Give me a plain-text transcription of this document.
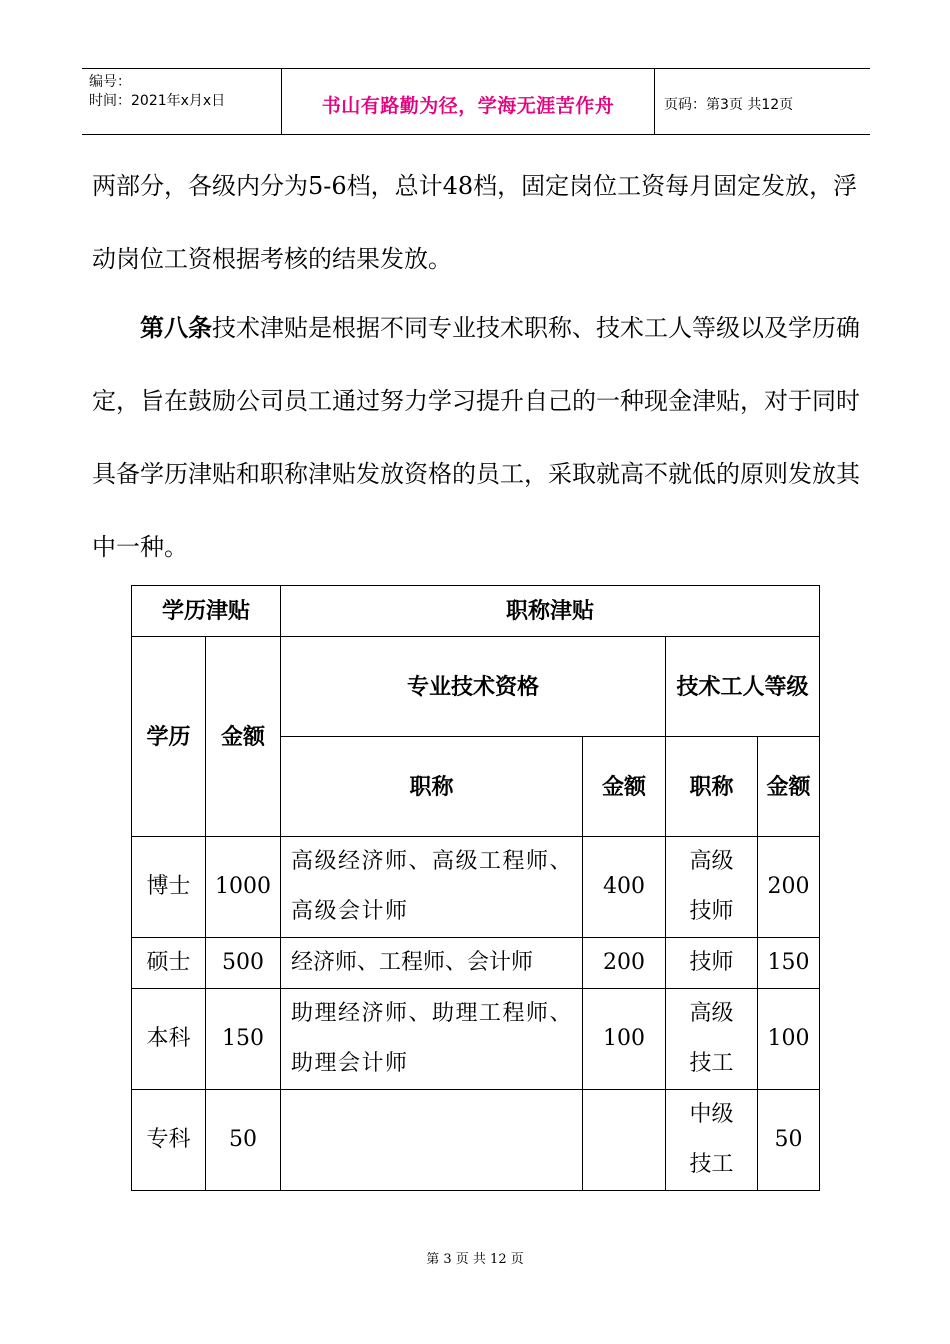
编号：
时间：2021年x月x日	书山有路勤为径，学海无涯苦作舟	页码：第3页 共12页

两部分，各级内分为5-6档，总计48档，固定岗位工资每月固定发放，浮动岗位工资根据考核的结果发放。

第八条技术津贴是根据不同专业技术职称、技术工人等级以及学历确定，旨在鼓励公司员工通过努力学习提升自己的一种现金津贴，对于同时具备学历津贴和职称津贴发放资格的员工，采取就高不就低的原则发放其中一种。

学历津贴		职称津贴			
学历	金额	专业技术资格		技术工人等级	
		职称	金额	职称	金额
博士	1000	高级经济师、高级工程师、高级会计师	400	高级技师	200
硕士	500	经济师、工程师、会计师	200	技师	150
本科	150	助理经济师、助理工程师、助理会计师	100	高级技工	100
专科	50			中级技工	50
第 3 页 共 12 页
